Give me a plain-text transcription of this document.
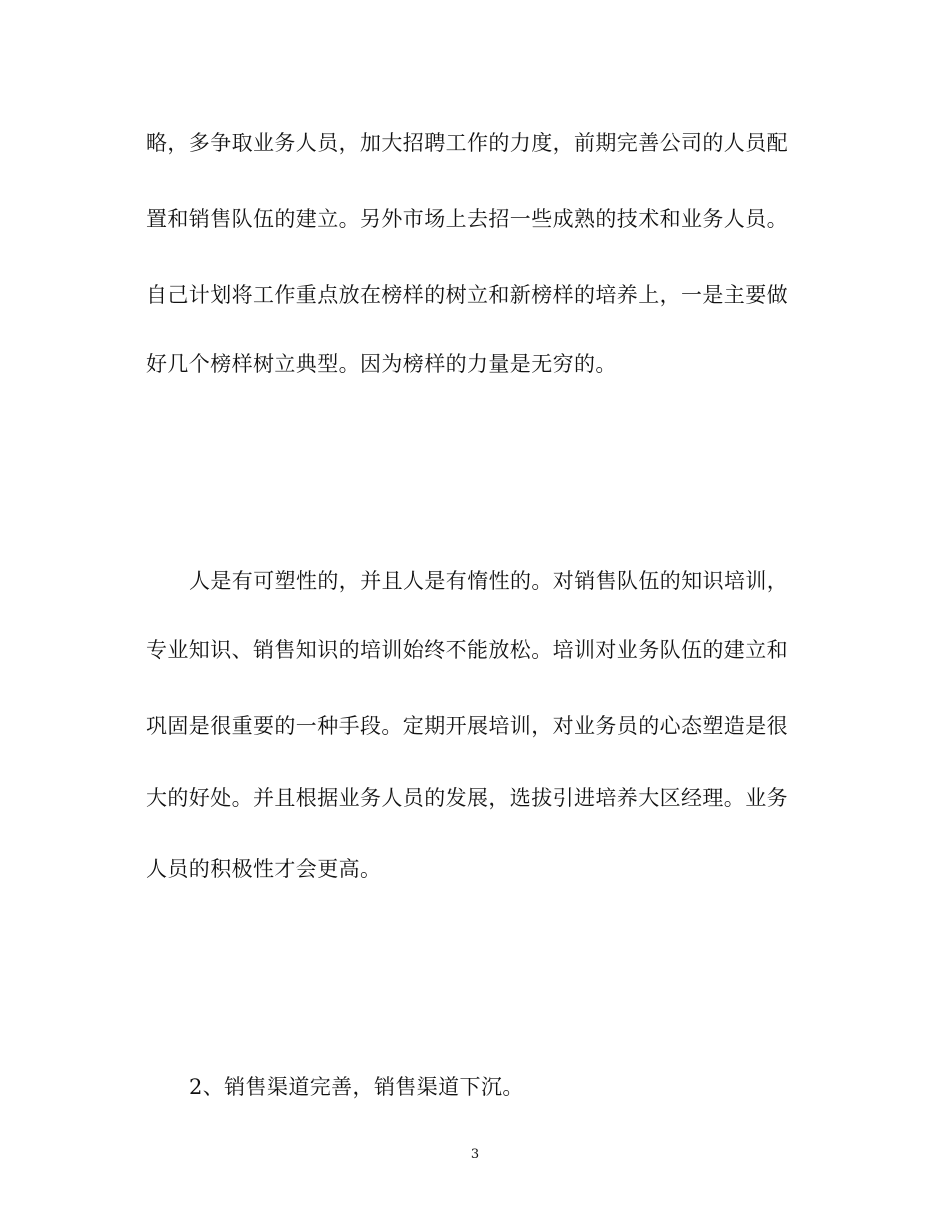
略，多争取业务人员，加大招聘工作的力度，前期完善公司的人员配
置和销售队伍的建立。另外市场上去招一些成熟的技术和业务人员。
自己计划将工作重点放在榜样的树立和新榜样的培养上，一是主要做
好几个榜样树立典型。因为榜样的力量是无穷的。
人是有可塑性的，并且人是有惰性的。对销售队伍的知识培训，
专业知识、销售知识的培训始终不能放松。培训对业务队伍的建立和
巩固是很重要的一种手段。定期开展培训，对业务员的心态塑造是很
大的好处。并且根据业务人员的发展，选拔引进培养大区经理。业务
人员的积极性才会更高。
2、销售渠道完善，销售渠道下沉。
3
